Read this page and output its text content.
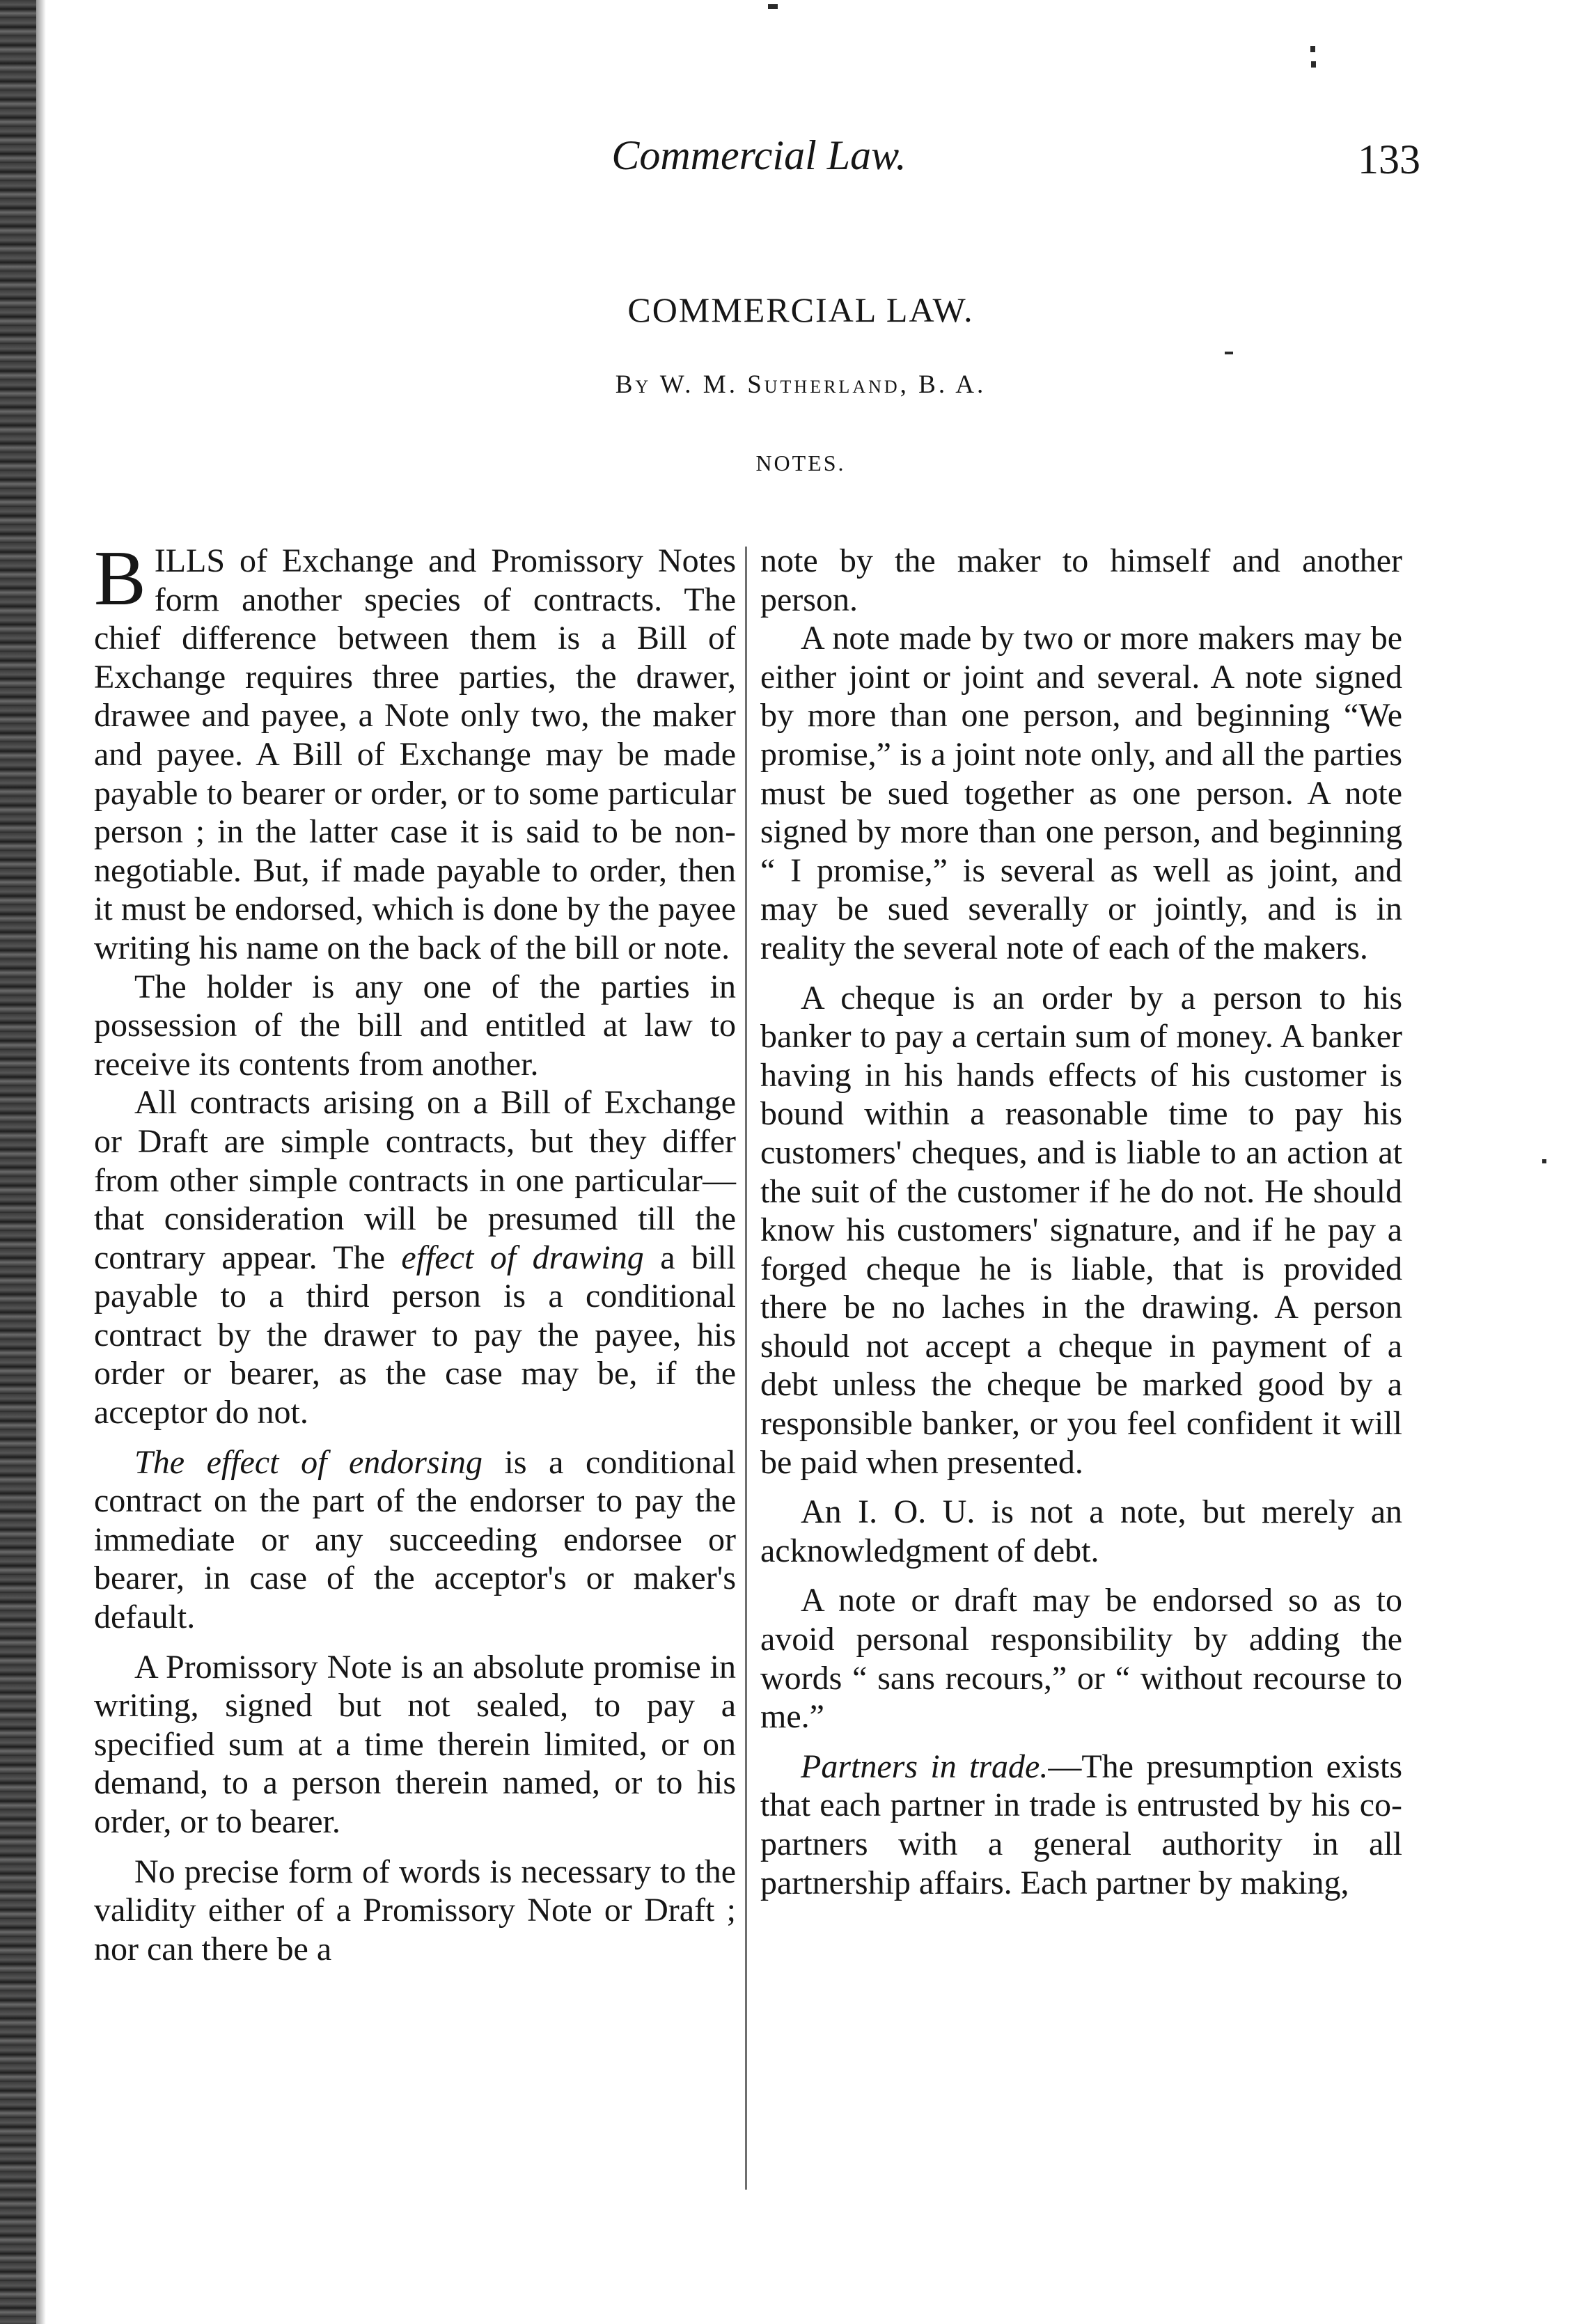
Commercial Law.	133
COMMERCIAL LAW.
By W. M. Sutherland, B. A.
NOTES.

BILLS of Exchange and Promissory Notes form another species of contracts. The chief difference between them is a Bill of Exchange requires three parties, the drawer, drawee and payee, a Note only two, the maker and payee. A Bill of Exchange may be made payable to bearer or order, or to some particular person ; in the latter case it is said to be non-negotiable. But, if made payable to order, then it must be endorsed, which is done by the payee writing his name on the back of the bill or note.

The holder is any one of the parties in possession of the bill and entitled at law to receive its contents from another.

All contracts arising on a Bill of Exchange or Draft are simple contracts, but they differ from other simple contracts in one particular—that consideration will be presumed till the contrary appear. The effect of drawing a bill payable to a third person is a conditional contract by the drawer to pay the payee, his order or bearer, as the case may be, if the acceptor do not.

The effect of endorsing is a conditional contract on the part of the endorser to pay the immediate or any succeeding endorsee or bearer, in case of the acceptor's or maker's default.

A Promissory Note is an absolute promise in writing, signed but not sealed, to pay a specified sum at a time therein limited, or on demand, to a person therein named, or to his order, or to bearer.

No precise form of words is necessary to the validity either of a Promissory Note or Draft ; nor can there be a

note by the maker to himself and another person.

A note made by two or more makers may be either joint or joint and several. A note signed by more than one person, and beginning “We promise,” is a joint note only, and all the parties must be sued together as one person. A note signed by more than one person, and beginning “ I promise,” is several as well as joint, and may be sued severally or jointly, and is in reality the several note of each of the makers.

A cheque is an order by a person to his banker to pay a certain sum of money. A banker having in his hands effects of his customer is bound within a reasonable time to pay his customers' cheques, and is liable to an action at the suit of the customer if he do not. He should know his customers' signature, and if he pay a forged cheque he is liable, that is provided there be no laches in the drawing. A person should not accept a cheque in payment of a debt unless the cheque be marked good by a responsible banker, or you feel confident it will be paid when presented.

An I. O. U. is not a note, but merely an acknowledgment of debt.

A note or draft may be endorsed so as to avoid personal responsibility by adding the words “ sans recours,” or “ without recourse to me.”

Partners in trade.—The presumption exists that each partner in trade is entrusted by his co-partners with a general authority in all partnership affairs. Each partner by making,
